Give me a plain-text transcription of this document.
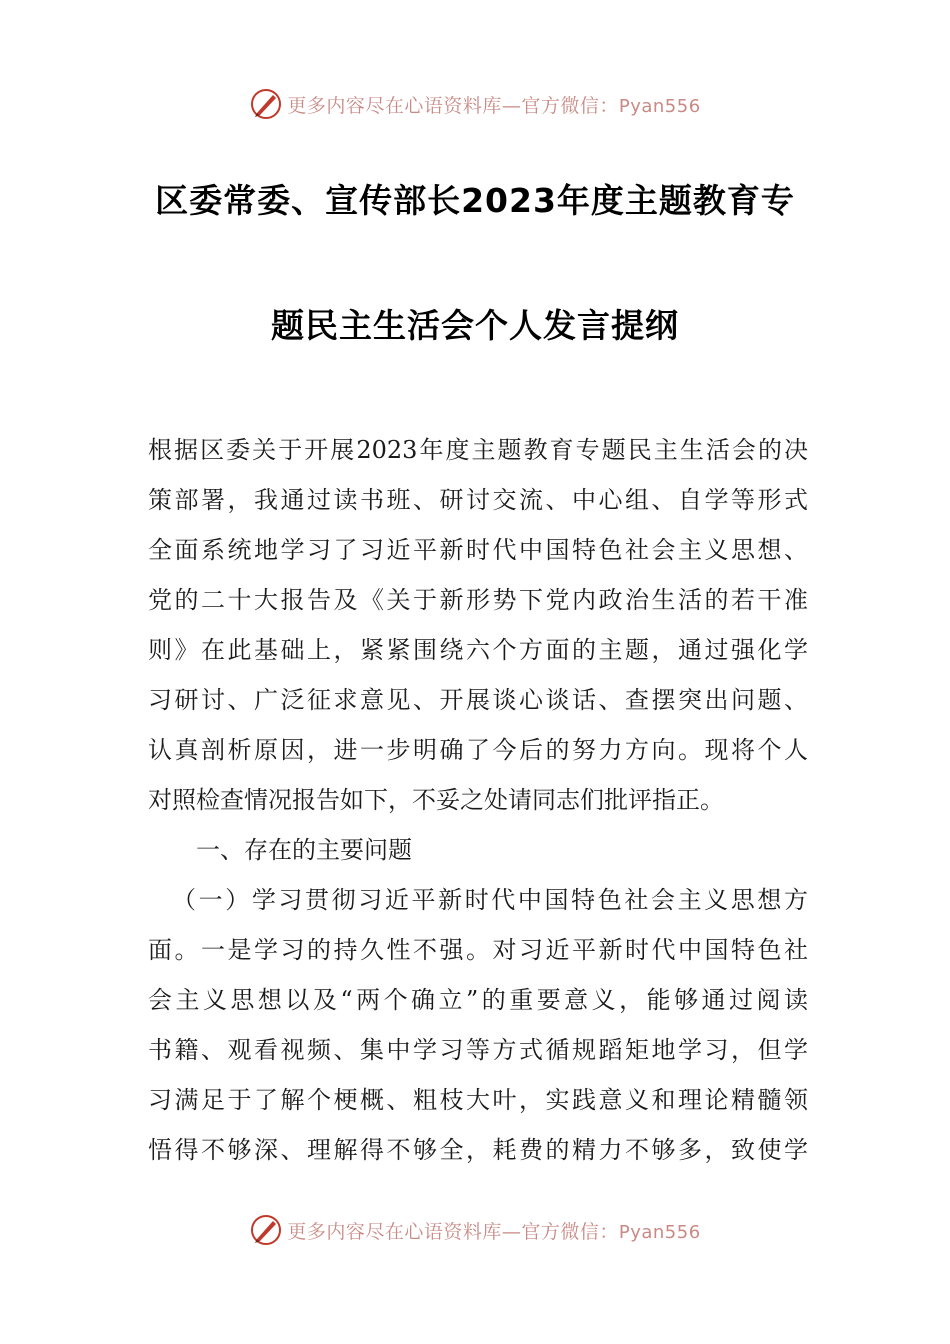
更多内容尽在心语资料库—官方微信：Pyan556
区委常委、宣传部长2023年度主题教育专
题民主生活会个人发言提纲
根据区委关于开展2023年度主题教育专题民主生活会的决
策部署，我通过读书班、研讨交流、中心组、自学等形式
全面系统地学习了习近平新时代中国特色社会主义思想、
党的二十大报告及《关于新形势下党内政治生活的若干准
则》在此基础上，紧紧围绕六个方面的主题，通过强化学
习研讨、广泛征求意见、开展谈心谈话、查摆突出问题、
认真剖析原因，进一步明确了今后的努力方向。现将个人
对照检查情况报告如下，不妥之处请同志们批评指正。
一、存在的主要问题
（一）学习贯彻习近平新时代中国特色社会主义思想方
面。一是学习的持久性不强。对习近平新时代中国特色社
会主义思想以及“两个确立”的重要意义，能够通过阅读
书籍、观看视频、集中学习等方式循规蹈矩地学习，但学
习满足于了解个梗概、粗枝大叶，实践意义和理论精髓领
悟得不够深、理解得不够全，耗费的精力不够多，致使学
更多内容尽在心语资料库—官方微信：Pyan556
